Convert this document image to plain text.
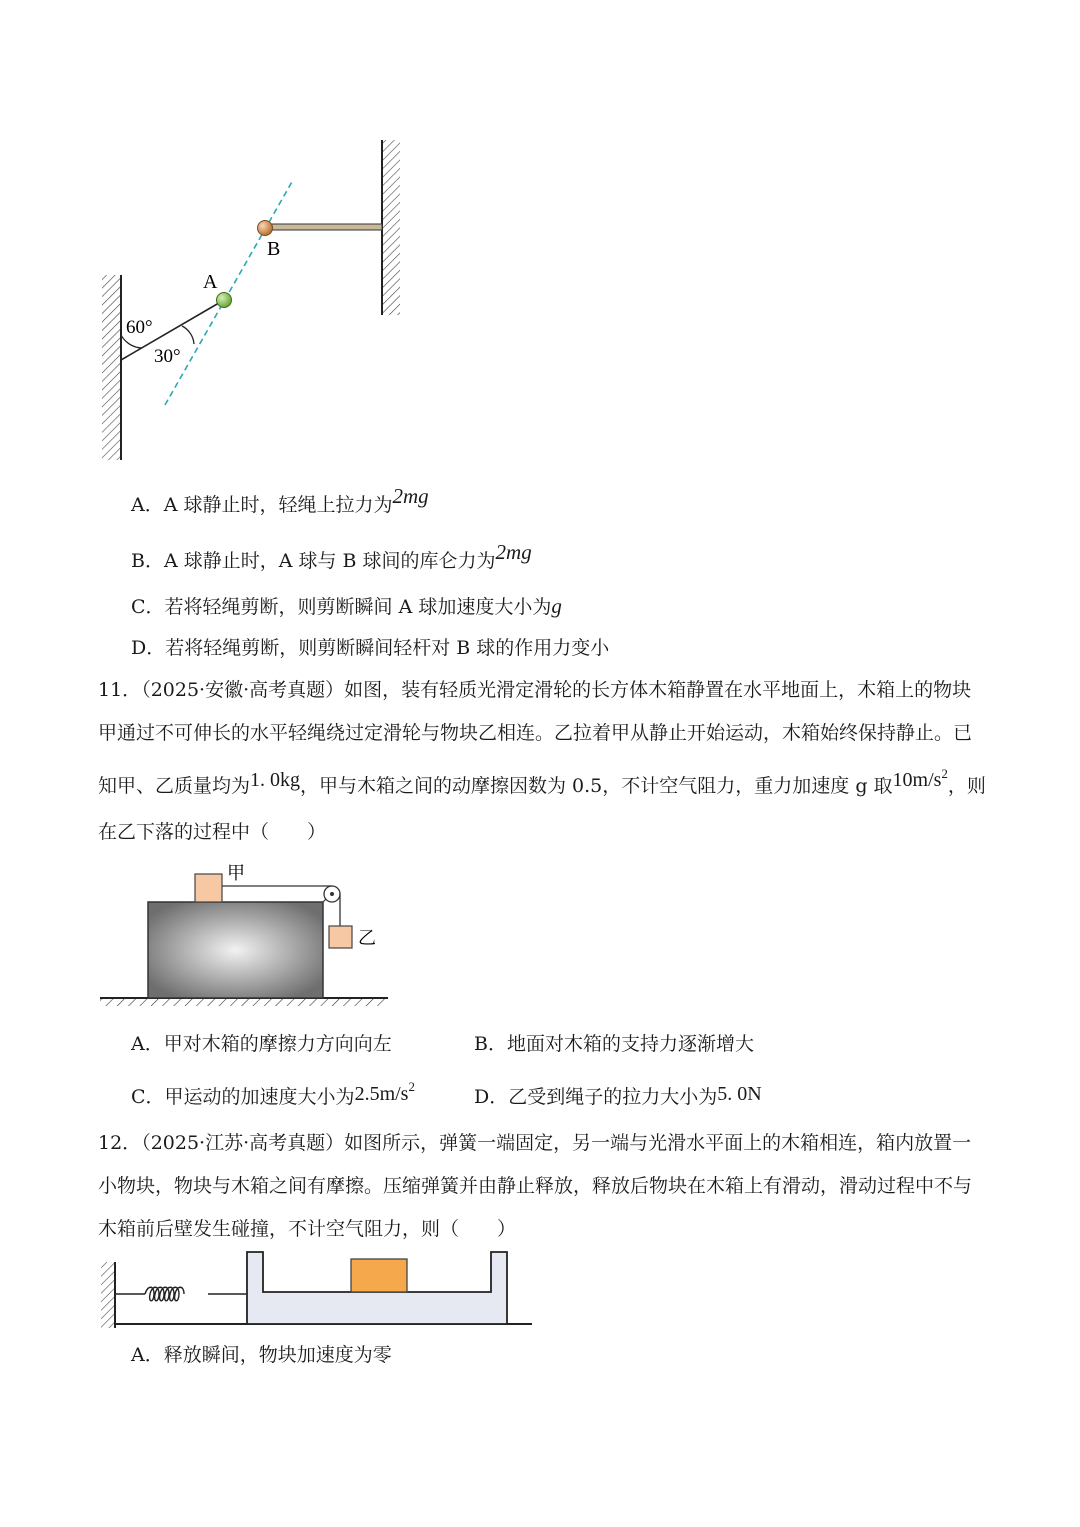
A
B
60°
30°
A．A 球静止时，轻绳上拉力为2mg
B．A 球静止时，A 球与 B 球间的库仑力为2mg
C．若将轻绳剪断，则剪断瞬间 A 球加速度大小为g
D．若将轻绳剪断，则剪断瞬间轻杆对 B 球的作用力变小
11．（2025·安徽·高考真题）如图，装有轻质光滑定滑轮的长方体木箱静置在水平地面上，木箱上的物块
甲通过不可伸长的水平轻绳绕过定滑轮与物块乙相连。乙拉着甲从静止开始运动，木箱始终保持静止。已
知甲、乙质量均为1. 0kg，甲与木箱之间的动摩擦因数为 0.5，不计空气阻力，重力加速度 g 取$10m/s^2$，则
在乙下落的过程中（　　）
甲
乙
A．甲对木箱的摩擦力方向向左	B．地面对木箱的支持力逐渐增大
C．甲运动的加速度大小为$2.5m/s^2$	D．乙受到绳子的拉力大小为5. 0N
12．（2025·江苏·高考真题）如图所示，弹簧一端固定，另一端与光滑水平面上的木箱相连，箱内放置一
小物块，物块与木箱之间有摩擦。压缩弹簧并由静止释放，释放后物块在木箱上有滑动，滑动过程中不与
木箱前后壁发生碰撞，不计空气阻力，则（　　）
A．释放瞬间，物块加速度为零
